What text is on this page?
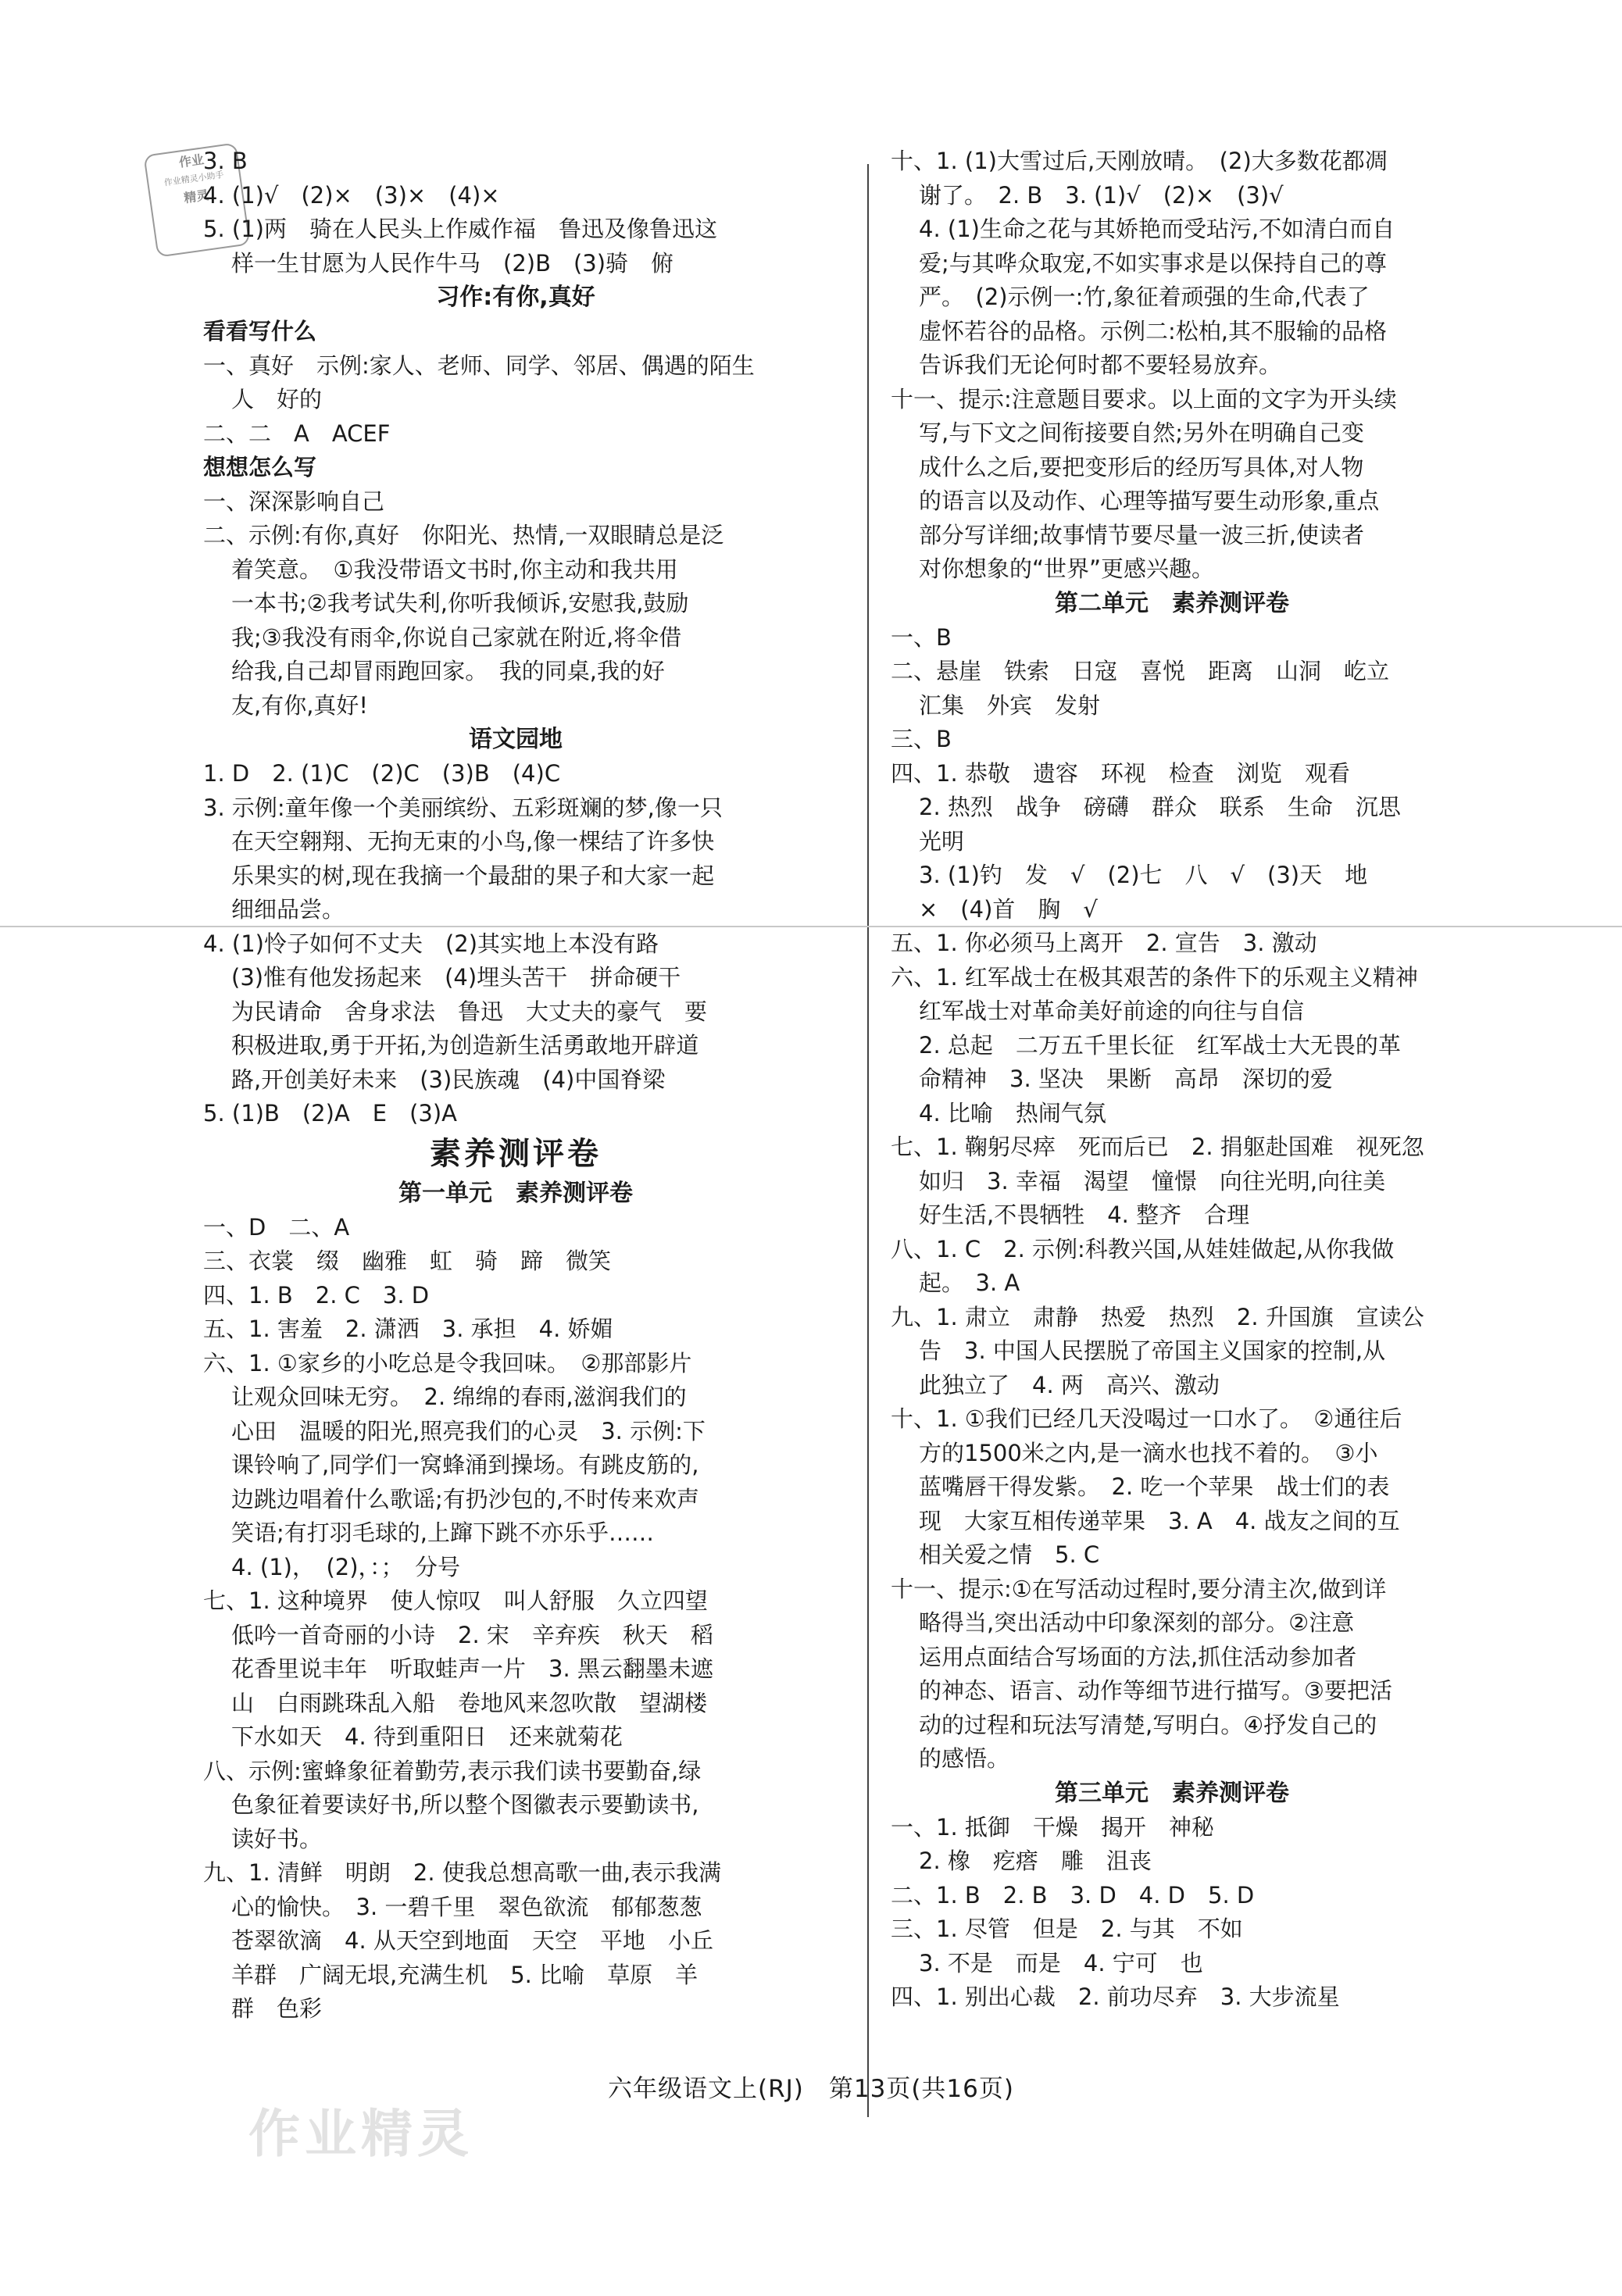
作业
作业精灵小助手
精灵
3. B
4. (1)√　(2)×　(3)×　(4)×
5. (1)两　骑在人民头上作威作福　鲁迅及像鲁迅这
样一生甘愿为人民作牛马　(2)B　(3)骑　俯
习作:有你,真好
看看写什么
一、真好　示例:家人、老师、同学、邻居、偶遇的陌生
人　好的
二、二　A　ACEF
想想怎么写
一、深深影响自己
二、示例:有你,真好　你阳光、热情,一双眼睛总是泛
着笑意。　①我没带语文书时,你主动和我共用
一本书;②我考试失利,你听我倾诉,安慰我,鼓励
我;③我没有雨伞,你说自己家就在附近,将伞借
给我,自己却冒雨跑回家。　我的同桌,我的好
友,有你,真好!
语文园地
1. D　2. (1)C　(2)C　(3)B　(4)C
3. 示例:童年像一个美丽缤纷、五彩斑斓的梦,像一只
在天空翱翔、无拘无束的小鸟,像一棵结了许多快
乐果实的树,现在我摘一个最甜的果子和大家一起
细细品尝。
4. (1)怜子如何不丈夫　(2)其实地上本没有路
(3)惟有他发扬起来　(4)埋头苦干　拼命硬干
为民请命　舍身求法　鲁迅　大丈夫的豪气　要
积极进取,勇于开拓,为创造新生活勇敢地开辟道
路,开创美好未来　(3)民族魂　(4)中国脊梁
5. (1)B　(2)A　E　(3)A
素养测评卷
第一单元　素养测评卷
一、D　二、A
三、衣裳　缀　幽雅　虹　骑　蹄　微笑
四、1. B　2. C　3. D
五、1. 害羞　2. 潇洒　3. 承担　4. 娇媚
六、1. ①家乡的小吃总是令我回味。　②那部影片
让观众回味无穷。　2. 绵绵的春雨,滋润我们的
心田　温暖的阳光,照亮我们的心灵　3. 示例:下
课铃响了,同学们一窝蜂涌到操场。有跳皮筋的,
边跳边唱着什么歌谣;有扔沙包的,不时传来欢声
笑语;有打羽毛球的,上蹿下跳不亦乐乎……
4. (1)，　(2)，：；　分号
七、1. 这种境界　使人惊叹　叫人舒服　久立四望
低吟一首奇丽的小诗　2. 宋　辛弃疾　秋天　稻
花香里说丰年　听取蛙声一片　3. 黑云翻墨未遮
山　白雨跳珠乱入船　卷地风来忽吹散　望湖楼
下水如天　4. 待到重阳日　还来就菊花
八、示例:蜜蜂象征着勤劳,表示我们读书要勤奋,绿
色象征着要读好书,所以整个图徽表示要勤读书,
读好书。
九、1. 清鲜　明朗　2. 使我总想高歌一曲,表示我满
心的愉快。　3. 一碧千里　翠色欲流　郁郁葱葱
苍翠欲滴　4. 从天空到地面　天空　平地　小丘
羊群　广阔无垠,充满生机　5. 比喻　草原　羊
群　色彩
十、1. (1)大雪过后,天刚放晴。　(2)大多数花都凋
谢了。　2. B　3. (1)√　(2)×　(3)√
4. (1)生命之花与其娇艳而受玷污,不如清白而自
爱;与其哗众取宠,不如实事求是以保持自己的尊
严。　(2)示例一:竹,象征着顽强的生命,代表了
虚怀若谷的品格。示例二:松柏,其不服输的品格
告诉我们无论何时都不要轻易放弃。
十一、提示:注意题目要求。以上面的文字为开头续
写,与下文之间衔接要自然;另外在明确自己变
成什么之后,要把变形后的经历写具体,对人物
的语言以及动作、心理等描写要生动形象,重点
部分写详细;故事情节要尽量一波三折,使读者
对你想象的“世界”更感兴趣。
第二单元　素养测评卷
一、B
二、悬崖　铁索　日寇　喜悦　距离　山洞　屹立
汇集　外宾　发射
三、B
四、1. 恭敬　遗容　环视　检查　浏览　观看
2. 热烈　战争　磅礴　群众　联系　生命　沉思
光明
3. (1)钓　发　√　(2)七　八　√　(3)天　地
×　(4)首　胸　√
五、1. 你必须马上离开　2. 宣告　3. 激动
六、1. 红军战士在极其艰苦的条件下的乐观主义精神
红军战士对革命美好前途的向往与自信
2. 总起　二万五千里长征　红军战士大无畏的革
命精神　3. 坚决　果断　高昂　深切的爱
4. 比喻　热闹气氛
七、1. 鞠躬尽瘁　死而后已　2. 捐躯赴国难　视死忽
如归　3. 幸福　渴望　憧憬　向往光明,向往美
好生活,不畏牺牲　4. 整齐　合理
八、1. C　2. 示例:科教兴国,从娃娃做起,从你我做
起。　3. A
九、1. 肃立　肃静　热爱　热烈　2. 升国旗　宣读公
告　3. 中国人民摆脱了帝国主义国家的控制,从
此独立了　4. 两　高兴、激动
十、1. ①我们已经几天没喝过一口水了。　②通往后
方的1500米之内,是一滴水也找不着的。　③小
蓝嘴唇干得发紫。　2. 吃一个苹果　战士们的表
现　大家互相传递苹果　3. A　4. 战友之间的互
相关爱之情　5. C
十一、提示:①在写活动过程时,要分清主次,做到详
略得当,突出活动中印象深刻的部分。②注意
运用点面结合写场面的方法,抓住活动参加者
的神态、语言、动作等细节进行描写。③要把活
动的过程和玩法写清楚,写明白。④抒发自己的
的感悟。
第三单元　素养测评卷
一、1. 抵御　干燥　揭开　神秘
2. 橡　疙瘩　雕　沮丧
二、1. B　2. B　3. D　4. D　5. D
三、1. 尽管　但是　2. 与其　不如
3. 不是　而是　4. 宁可　也
四、1. 别出心裁　2. 前功尽弃　3. 大步流星
作业精灵
六年级语文上(RJ)　第13页(共16页)
